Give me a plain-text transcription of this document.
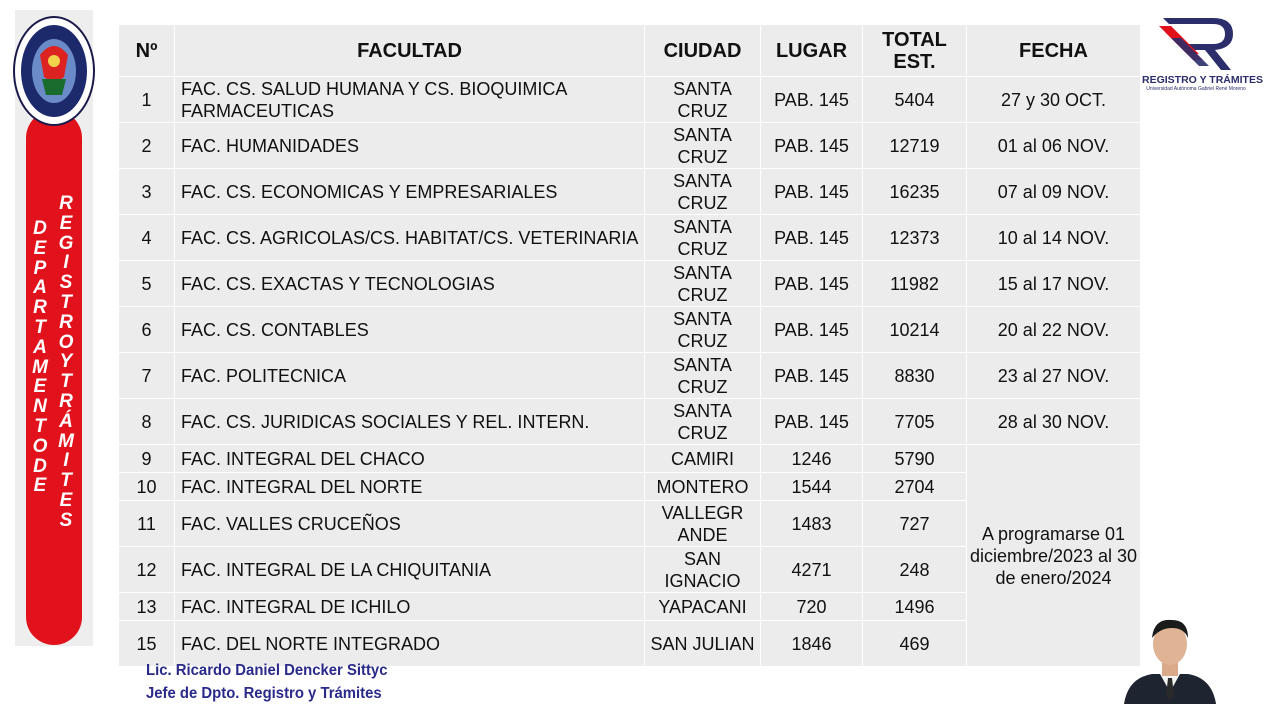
D
E
P
A
R
T
A
M
E
N
T
O
D
E
R
E
G
I
S
T
R
O
Y
T
R
Á
M
I
T
E
S
Nº	FACULTAD	CIUDAD	LUGAR	TOTAL EST.	FECHA
1	FAC. CS. SALUD HUMANA Y CS. BIOQUIMICA FARMACEUTICAS	SANTA CRUZ	PAB. 145	5404	27 y 30 OCT.
2	FAC. HUMANIDADES	SANTA CRUZ	PAB. 145	12719	01 al 06 NOV.
3	FAC. CS. ECONOMICAS Y EMPRESARIALES	SANTA CRUZ	PAB. 145	16235	07 al 09 NOV.
4	FAC. CS. AGRICOLAS/CS. HABITAT/CS. VETERINARIA	SANTA CRUZ	PAB. 145	12373	10 al 14 NOV.
5	FAC. CS. EXACTAS Y TECNOLOGIAS	SANTA CRUZ	PAB. 145	11982	15 al 17 NOV.
6	FAC. CS. CONTABLES	SANTA CRUZ	PAB. 145	10214	20 al 22 NOV.
7	FAC. POLITECNICA	SANTA CRUZ	PAB. 145	8830	23 al 27 NOV.
8	FAC. CS. JURIDICAS SOCIALES Y REL. INTERN.	SANTA CRUZ	PAB. 145	7705	28 al 30 NOV.
9	FAC. INTEGRAL DEL CHACO	CAMIRI	1246	5790	A programarse 01 diciembre/2023 al 30 de enero/2024
10	FAC. INTEGRAL DEL NORTE	MONTERO	1544	2704	
11	FAC. VALLES CRUCEÑOS	VALLEGRANDE	1483	727	
12	FAC. INTEGRAL DE LA CHIQUITANIA	SAN IGNACIO	4271	248	
13	FAC. INTEGRAL DE ICHILO	YAPACANI	720	1496	
15	FAC. DEL NORTE INTEGRADO	SAN JULIAN	1846	469	
REGISTRO Y TRÁMITES
Universidad Autónoma Gabriel René Moreno
Lic. Ricardo Daniel Dencker Sittyc
Jefe de Dpto. Registro y Trámites
